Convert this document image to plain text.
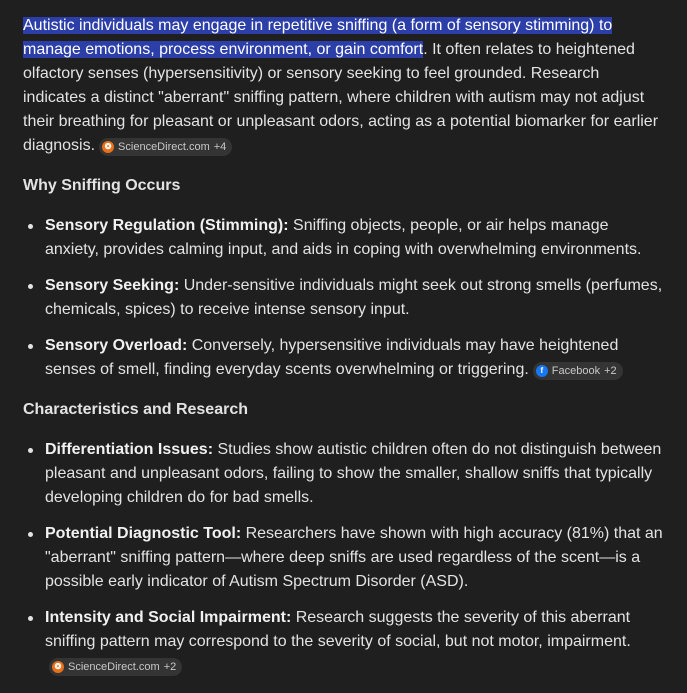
Autistic individuals may engage in repetitive sniffing (a form of sensory stimming) to manage emotions, process environment, or gain comfort. It often relates to heightened olfactory senses (hypersensitivity) or sensory seeking to feel grounded. Research indicates a distinct "aberrant" sniffing pattern, where children with autism may not adjust their breathing for pleasant or unpleasant odors, acting as a potential biomarker for earlier diagnosis.	❂ ScienceDirect.com +4

Why Sniffing Occurs
Sensory Regulation (Stimming): Sniffing objects, people, or air helps manage anxiety, provides calming input, and aids in coping with overwhelming environments.
Sensory Seeking: Under-sensitive individuals might seek out strong smells (perfumes, chemicals, spices) to receive intense sensory input.
Sensory Overload: Conversely, hypersensitive individuals may have heightened senses of smell, finding everyday scents overwhelming or triggering.	f Facebook +2
Characteristics and Research
Differentiation Issues: Studies show autistic children often do not distinguish between pleasant and unpleasant odors, failing to show the smaller, shallow sniffs that typically developing children do for bad smells.
Potential Diagnostic Tool: Researchers have shown with high accuracy (81%) that an "aberrant" sniffing pattern—where deep sniffs are used regardless of the scent—is a possible early indicator of Autism Spectrum Disorder (ASD).
Intensity and Social Impairment: Research suggests the severity of this aberrant sniffing pattern may correspond to the severity of social, but not motor, impairment.
❂ ScienceDirect.com +2
